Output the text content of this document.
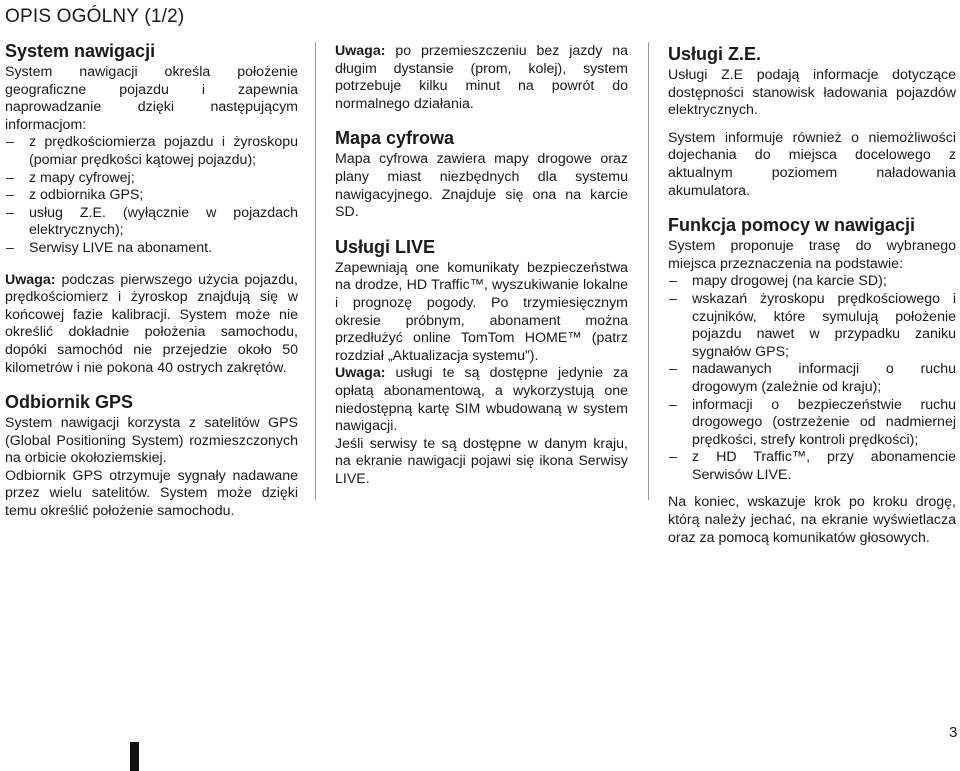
OPIS OGÓLNY (1/2)
System nawigacji

System nawigacji określa położenie geograficzne pojazdu i zapewnia naprowadzanie dzięki następującym informacjom:

– z prędkościomierza pojazdu i żyroskopu (pomiar prędkości kątowej pojazdu);
– z mapy cyfrowej;
– z odbiornika GPS;
– usług Z.E. (wyłącznie w pojazdach elektrycznych);
– Serwisy LIVE na abonament.

Uwaga: podczas pierwszego użycia pojazdu, prędkościomierz i żyroskop znajdują się w końcowej fazie kalibracji. System może nie określić dokładnie położenia samochodu, dopóki samochód nie przejedzie około 50 kilometrów i nie pokona 40 ostrych zakrętów.

Odbiornik GPS

System nawigacji korzysta z satelitów GPS (Global Positioning System) rozmieszczonych na orbicie okołoziemskiej.

Odbiornik GPS otrzymuje sygnały nadawane przez wielu satelitów. System może dzięki temu określić położenie samochodu.

Uwaga: po przemieszczeniu bez jazdy na długim dystansie (prom, kolej), system potrzebuje kilku minut na powrót do normalnego działania.

Mapa cyfrowa

Mapa cyfrowa zawiera mapy drogowe oraz plany miast niezbędnych dla systemu nawigacyjnego. Znajduje się ona na karcie SD.

Usługi LIVE

Zapewniają one komunikaty bezpieczeństwa na drodze, HD Traffic™, wyszukiwanie lokalne i prognozę pogody. Po trzymiesięcznym okresie próbnym, abonament można przedłużyć online TomTom HOME™ (patrz rozdział „Aktualizacja systemu”).

Uwaga: usługi te są dostępne jedynie za opłatą abonamentową, a wykorzystują one niedostępną kartę SIM wbudowaną w system nawigacji.

Jeśli serwisy te są dostępne w danym kraju, na ekranie nawigacji pojawi się ikona Serwisy LIVE.

Usługi Z.E.

Usługi Z.E podają informacje dotyczące dostępności stanowisk ładowania pojazdów elektrycznych.

System informuje również o niemożliwości dojechania do miejsca docelowego z aktualnym poziomem naładowania akumulatora.

Funkcja pomocy w nawigacji

System proponuje trasę do wybranego miejsca przeznaczenia na podstawie:

– mapy drogowej (na karcie SD);
– wskazań żyroskopu prędkościowego i czujników, które symulują położenie pojazdu nawet w przypadku zaniku sygnałów GPS;
– nadawanych informacji o ruchu drogowym (zależnie od kraju);
– informacji o bezpieczeństwie ruchu drogowego (ostrzeżenie od nadmiernej prędkości, strefy kontroli prędkości);
– z HD Traffic™, przy abonamencie Serwisów LIVE.

Na koniec, wskazuje krok po kroku drogę, którą należy jechać, na ekranie wyświetlacza oraz za pomocą komunikatów głosowych.

3
